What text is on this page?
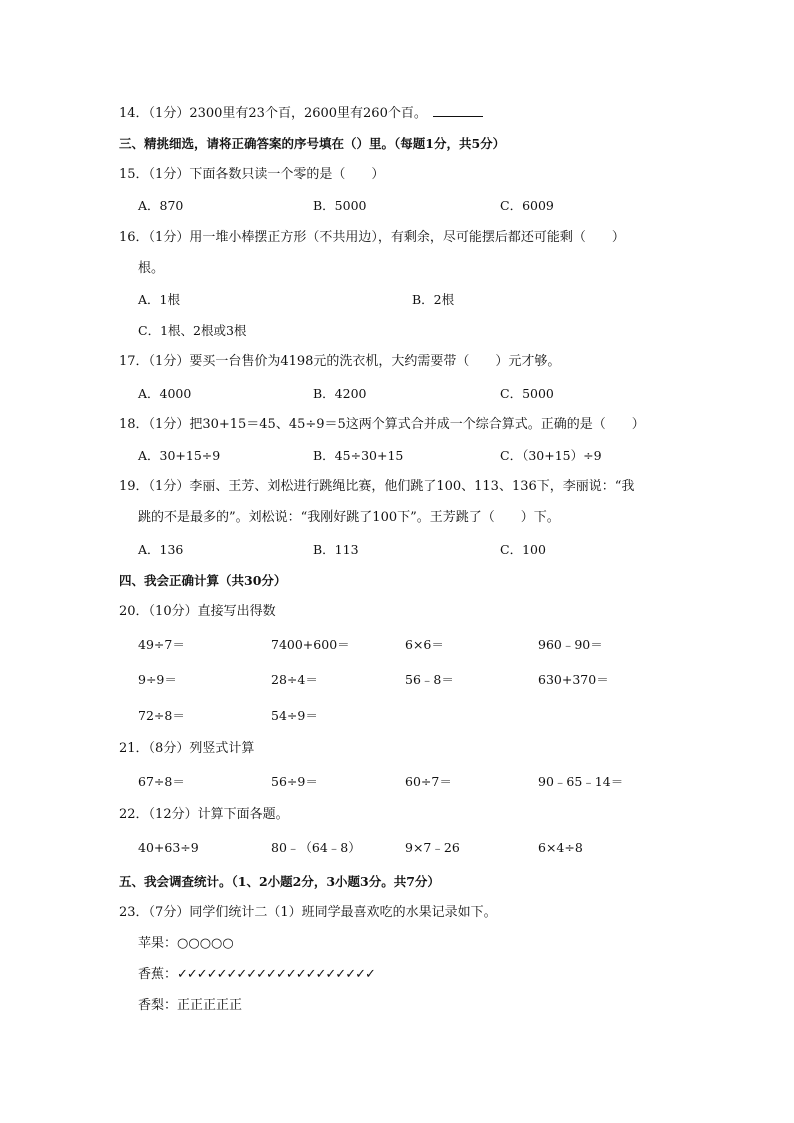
14．（1分）2300里有23个百，2600里有260个百。
三、精挑细选，请将正确答案的序号填在（）里。（每题1分，共5分）
15．（1分）下面各数只读一个零的是（　　）
A．870	B．5000	C．6009
16．（1分）用一堆小棒摆正方形（不共用边），有剩余，尽可能摆后都还可能剩（　　）
根。
A．1根	B．2根
C．1根、2根或3根
17．（1分）要买一台售价为4198元的洗衣机，大约需要带（　　）元才够。
A．4000	B．4200	C．5000
18．（1分）把30+15＝45、45÷9＝5这两个算式合并成一个综合算式。正确的是（　　）
A．30+15÷9	B．45÷30+15	C．（30+15）÷9
19．（1分）李丽、王芳、刘松进行跳绳比赛，他们跳了100、113、136下，李丽说：“我
跳的不是最多的”。刘松说：“我刚好跳了100下”。王芳跳了（　　）下。
A．136	B．113	C．100
四、我会正确计算（共30分）
20．（10分）直接写出得数
49÷7＝	7400+600＝	6×6＝	960﹣90＝
9÷9＝	28÷4＝	56﹣8＝	630+370＝
72÷8＝	54÷9＝
21．（8分）列竖式计算
67÷8＝	56÷9＝	60÷7＝	90﹣65﹣14＝
22．（12分）计算下面各题。
40+63÷9	80﹣（64﹣8）	9×7﹣26	6×4÷8
五、我会调查统计。（1、2小题2分，3小题3分。共7分）
23．（7分）同学们统计二（1）班同学最喜欢吃的水果记录如下。
苹果：○○○○○
香蕉：✓✓✓✓✓✓✓✓✓✓✓✓✓✓✓✓✓✓✓✓
香梨：正正正正正
